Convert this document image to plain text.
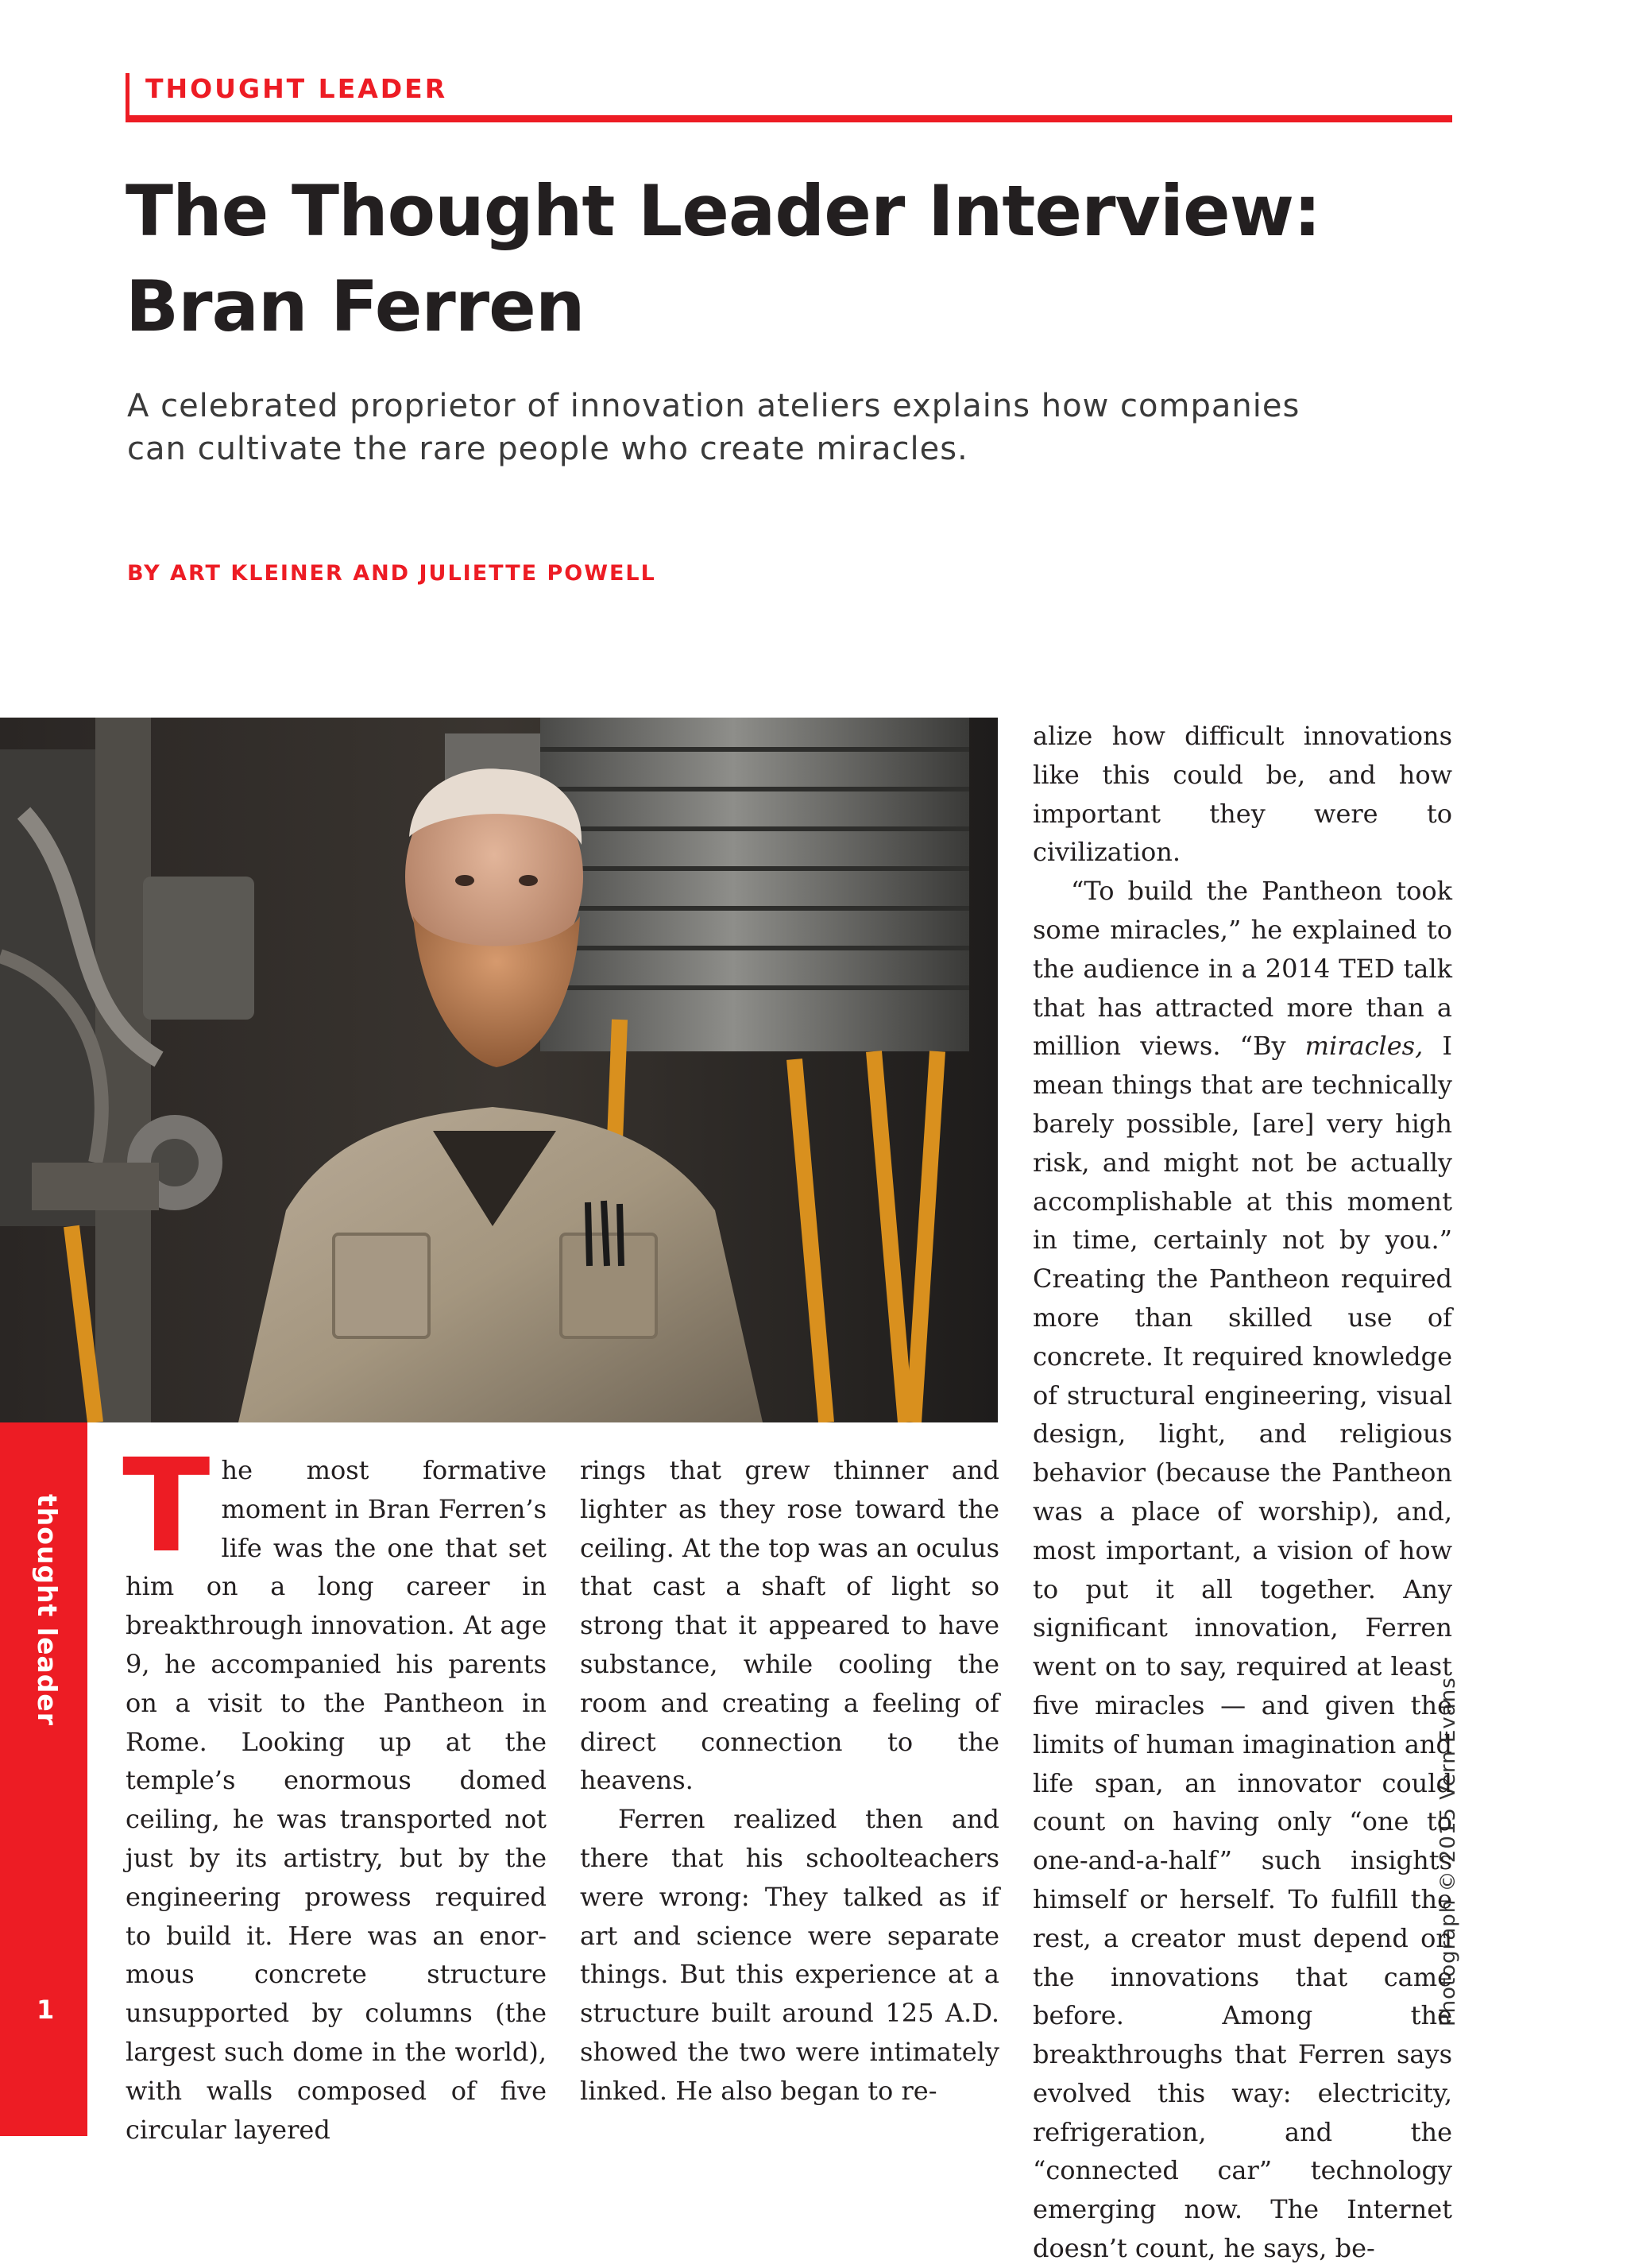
THOUGHT LEADER
The Thought Leader Interview:
Bran Ferren
A celebrated proprietor of innovation ateliers explains how companies
can cultivate the rare people who create miracles.
BY ART KLEINER AND JULIETTE POWELL
thought leader
1	Photograph © 2015 Vern Evans

The most formative moment in Bran Ferren’s life was the one that set him on a long career in breakthrough innovation. At age 9, he accompanied his parents on a visit to the Pantheon in Rome. Looking up at the temple’s enormous domed ceiling, he was transported not just by its artistry, but by the engineering prowess required to build it. Here was an enormous concrete structure unsupported by columns (the largest such dome in the world), with walls composed of five circular layered

rings that grew thinner and lighter as they rose toward the ceiling. At the top was an oculus that cast a shaft of light so strong that it appeared to have substance, while cooling the room and creating a feeling of direct connection to the heavens.

Ferren realized then and there that his schoolteachers were wrong: They talked as if art and science were separate things. But this experience at a structure built around 125 A.D. showed the two were intimately linked. He also began to re-

alize how difficult innovations like this could be, and how important they were to civilization.

“To build the Pantheon took some miracles,” he explained to the audience in a 2014 TED talk that has attracted more than a million views. “By miracles, I mean things that are technically barely possible, [are] very high risk, and might not be actually accomplishable at this moment in time, certainly not by you.” Creating the Pantheon required more than skilled use of concrete. It required knowledge of structural engineering, visual design, light, and religious behavior (because the Pantheon was a place of worship), and, most important, a vision of how to put it all together. Any significant innovation, Ferren went on to say, required at least five miracles — and given the limits of human imagination and life span, an innovator could count on having only “one to one-and-a-half” such insights himself or herself. To fulfill the rest, a creator must depend on the innovations that came before. Among the breakthroughs that Ferren says evolved this way: electricity, refrigeration, and the “connected car” technology emerging now. The Internet doesn’t count, he says, be-
